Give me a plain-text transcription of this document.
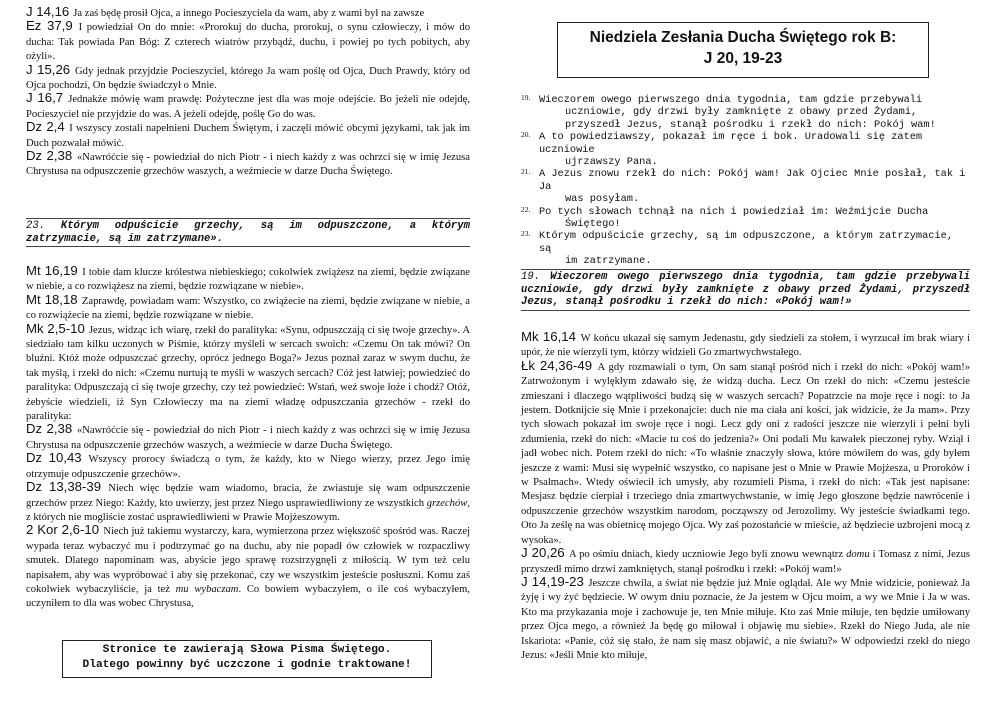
J 14,16 Ja zaś będę prosił Ojca, a innego Pocieszyciela da wam, aby z wami był na zawsze

Ez 37,9 I powiedział On do mnie: «Prorokuj do ducha, prorokuj, o synu człowieczy, i mów do ducha: Tak powiada Pan Bóg: Z czterech wiatrów przybądź, duchu, i powiej po tych pobitych, aby ożyli».

J 15,26 Gdy jednak przyjdzie Pocieszyciel, którego Ja wam poślę od Ojca, Duch Prawdy, który od Ojca pochodzi, On będzie świadczył o Mnie.

J 16,7 Jednakże mówię wam prawdę: Pożyteczne jest dla was moje odejście. Bo jeżeli nie odejdę, Pocieszyciel nie przyjdzie do was. A jeżeli odejdę, poślę Go do was.

Dz 2,4 I wszyscy zostali napełnieni Duchem Świętym, i zaczęli mówić obcymi językami, tak jak im Duch pozwalał mówić.

Dz 2,38 «Nawróćcie się - powiedział do nich Piotr - i niech każdy z was ochrzci się w imię Jezusa Chrystusa na odpuszczenie grzechów waszych, a weźmiecie w darze Ducha Świętego.

23. Którym odpuścicie grzechy, są im odpuszczone, a którym zatrzymacie, są im zatrzymane».

Mt 16,19 I tobie dam klucze królestwa niebieskiego; cokolwiek zwiążesz na ziemi, będzie związane w niebie, a co rozwiążesz na ziemi, będzie rozwiązane w niebie».

Mt 18,18 Zaprawdę, powiadam wam: Wszystko, co zwiążecie na ziemi, będzie związane w niebie, a co rozwiążecie na ziemi, będzie rozwiązane w niebie.

Mk 2,5-10 Jezus, widząc ich wiarę, rzekł do paralityka: «Synu, odpuszczają ci się twoje grzechy». A siedziało tam kilku uczonych w Piśmie, którzy myśleli w sercach swoich: «Czemu On tak mówi? On bluźni. Któż może odpuszczać grzechy, oprócz jednego Boga?» Jezus poznał zaraz w swym duchu, że tak myślą, i rzekł do nich: «Czemu nurtują te myśli w waszych sercach? Cóż jest łatwiej; powiedzieć do paralityka: Odpuszczają ci się twoje grzechy, czy też powiedzieć: Wstań, weź swoje łoże i chodź? Otóż, żebyście wiedzieli, iż Syn Człowieczy ma na ziemi władzę odpuszczania grzechów - rzekł do paralityka:

Dz 2,38 «Nawróćcie się - powiedział do nich Piotr - i niech każdy z was ochrzci się w imię Jezusa Chrystusa na odpuszczenie grzechów waszych, a weźmiecie w darze Ducha Świętego.

Dz 10,43 Wszyscy prorocy świadczą o tym, że każdy, kto w Niego wierzy, przez Jego imię otrzymuje odpuszczenie grzechów».

Dz 13,38-39 Niech więc będzie wam wiadomo, bracia, że zwiastuje się wam odpuszczenie grzechów przez Niego: Każdy, kto uwierzy, jest przez Niego usprawiedliwiony ze wszystkich grzechów, z których nie mogliście zostać usprawiedliwieni w Prawie Mojżeszowym.

2 Kor 2,6-10 Niech już takiemu wystarczy, kara, wymierzona przez większość spośród was. Raczej wypada teraz wybaczyć mu i podtrzymać go na duchu, aby nie popadł ów człowiek w rozpaczliwy smutek. Dlatego napominam was, abyście jego sprawę rozstrzygnęli z miłością. W tym też celu napisałem, aby was wypróbować i aby się przekonać, czy we wszystkim jesteście posłuszni. Komu zaś cokolwiek wybaczyliście, ja też mu wybaczam. Co bowiem wybaczyłem, o ile coś wybaczyłem, uczyniłem to dla was wobec Chrystusa,

Stronice te zawierają Słowa Pisma Świętego.
Dlatego powinny być uczczone i godnie traktowane!
Niedziela Zesłania Ducha Świętego rok B:
J 20, 19-23
19. Wieczorem owego pierwszego dnia tygodnia, tam gdzie przebywali
uczniowie, gdy drzwi były zamknięte z obawy przed Żydami,
przyszedł Jezus, stanął pośrodku i rzekł do nich: Pokój wam!
20. A to powiedziawszy, pokazał im ręce i bok. Uradowali się zatem uczniowie
ujrzawszy Pana.
21. A Jezus znowu rzekł do nich: Pokój wam! Jak Ojciec Mnie posłał, tak i Ja
was posyłam.
22. Po tych słowach tchnął na nich i powiedział im: Weźmijcie Ducha
Świętego!
23. Którym odpuścicie grzechy, są im odpuszczone, a którym zatrzymacie, są
im zatrzymane.
19. Wieczorem owego pierwszego dnia tygodnia, tam gdzie przebywali uczniowie, gdy drzwi były zamknięte z obawy przed Żydami, przyszedł Jezus, stanął pośrodku i rzekł do nich: «Pokój wam!»

Mk 16,14 W końcu ukazał się samym Jedenastu, gdy siedzieli za stołem, i wyrzucał im brak wiary i upór, że nie wierzyli tym, którzy widzieli Go zmartwychwstałego.

Łk 24,36-49 A gdy rozmawiali o tym, On sam stanął pośród nich i rzekł do nich: «Pokój wam!» Zatrwożonym i wylękłym zdawało się, że widzą ducha. Lecz On rzekł do nich: «Czemu jesteście zmieszani i dlaczego wątpliwości budzą się w waszych sercach? Popatrzcie na moje ręce i nogi: to Ja jestem. Dotknijcie się Mnie i przekonajcie: duch nie ma ciała ani kości, jak widzicie, że Ja mam». Przy tych słowach pokazał im swoje ręce i nogi. Lecz gdy oni z radości jeszcze nie wierzyli i pełni byli zdumienia, rzekł do nich: «Macie tu coś do jedzenia?» Oni podali Mu kawałek pieczonej ryby. Wziął i jadł wobec nich. Potem rzekł do nich: «To właśnie znaczyły słowa, które mówiłem do was, gdy byłem jeszcze z wami: Musi się wypełnić wszystko, co napisane jest o Mnie w Prawie Mojżesza, u Proroków i w Psalmach». Wtedy oświecił ich umysły, aby rozumieli Pisma, i rzekł do nich: «Tak jest napisane: Mesjasz będzie cierpiał i trzeciego dnia zmartwychwstanie, w imię Jego głoszone będzie nawrócenie i odpuszczenie grzechów wszystkim narodom, począwszy od Jerozolimy. Wy jesteście świadkami tego. Oto Ja ześlę na was obietnicę mojego Ojca. Wy zaś pozostańcie w mieście, aż będziecie uzbrojeni mocą z wysoka».

J 20,26 A po ośmiu dniach, kiedy uczniowie Jego byli znowu wewnątrz domu i Tomasz z nimi, Jezus przyszedł mimo drzwi zamkniętych, stanął pośrodku i rzekł: «Pokój wam!»

J 14,19-23 Jeszcze chwila, a świat nie będzie już Mnie oglądał. Ale wy Mnie widzicie, ponieważ Ja żyję i wy żyć będziecie. W owym dniu poznacie, że Ja jestem w Ojcu moim, a wy we Mnie i Ja w was. Kto ma przykazania moje i zachowuje je, ten Mnie miłuje. Kto zaś Mnie miłuje, ten będzie umiłowany przez Ojca mego, a również Ja będę go miłował i objawię mu siebie». Rzekł do Niego Juda, ale nie Iskariota: «Panie, cóż się stało, że nam się masz objawić, a nie światu?» W odpowiedzi rzekł do niego Jezus: «Jeśli Mnie kto miłuje,
